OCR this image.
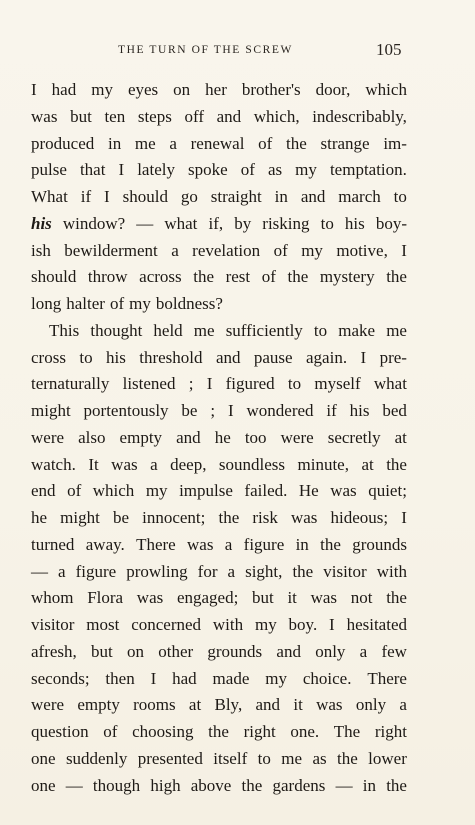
THE TURN OF THE SCREW	105
I had my eyes on her brother's door, which
was but ten steps off and which, indescribably,
produced in me a renewal of the strange im-
pulse that I lately spoke of as my temptation.
What if I should go straight in and march to
his window? — what if, by risking to his boy-
ish bewilderment a revelation of my motive, I
should throw across the rest of the mystery the
long halter of my boldness?
This thought held me sufficiently to make me
cross to his threshold and pause again. I pre-
ternaturally listened ; I figured to myself what
might portentously be ; I wondered if his bed
were also empty and he too were secretly at
watch. It was a deep, soundless minute, at the
end of which my impulse failed. He was quiet;
he might be innocent; the risk was hideous; I
turned away. There was a figure in the grounds
— a figure prowling for a sight, the visitor with
whom Flora was engaged; but it was not the
visitor most concerned with my boy. I hesitated
afresh, but on other grounds and only a few
seconds; then I had made my choice. There
were empty rooms at Bly, and it was only a
question of choosing the right one. The right
one suddenly presented itself to me as the lower
one — though high above the gardens — in the
